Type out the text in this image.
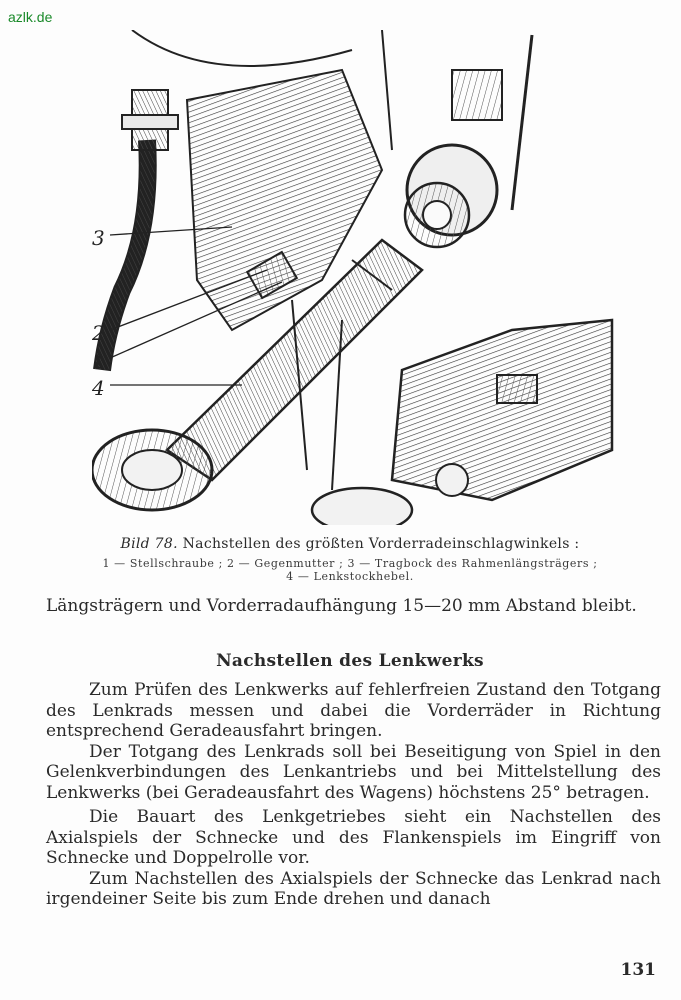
azlk.de
3
2
1
4
Bild 78. Nachstellen des größten Vorderradeinschlagwinkels :
1 — Stellschraube ; 2 — Gegenmutter ; 3 — Tragbock des Rahmenlängsträgers ;
4 — Lenkstockhebel.

Längsträgern und Vorderradaufhängung 15—20 mm Abstand bleibt.

Nachstellen des Lenkwerks

Zum Prüfen des Lenkwerks auf fehlerfreien Zustand den Totgang des Lenkrads messen und dabei die Vorderräder in Richtung entsprechend Geradeausfahrt bringen.

Der Totgang des Lenkrads soll bei Beseitigung von Spiel in den Gelenkverbindungen des Lenkantriebs und bei Mittelstellung des Lenkwerks (bei Geradeausfahrt des Wagens) höchstens 25° betragen.

Die Bauart des Lenkgetriebes sieht ein Nachstellen des Axialspiels der Schnecke und des Flankenspiels im Eingriff von Schnecke und Doppelrolle vor.

Zum Nachstellen des Axialspiels der Schnecke das Lenkrad nach irgendeiner Seite bis zum Ende drehen und danach

131
